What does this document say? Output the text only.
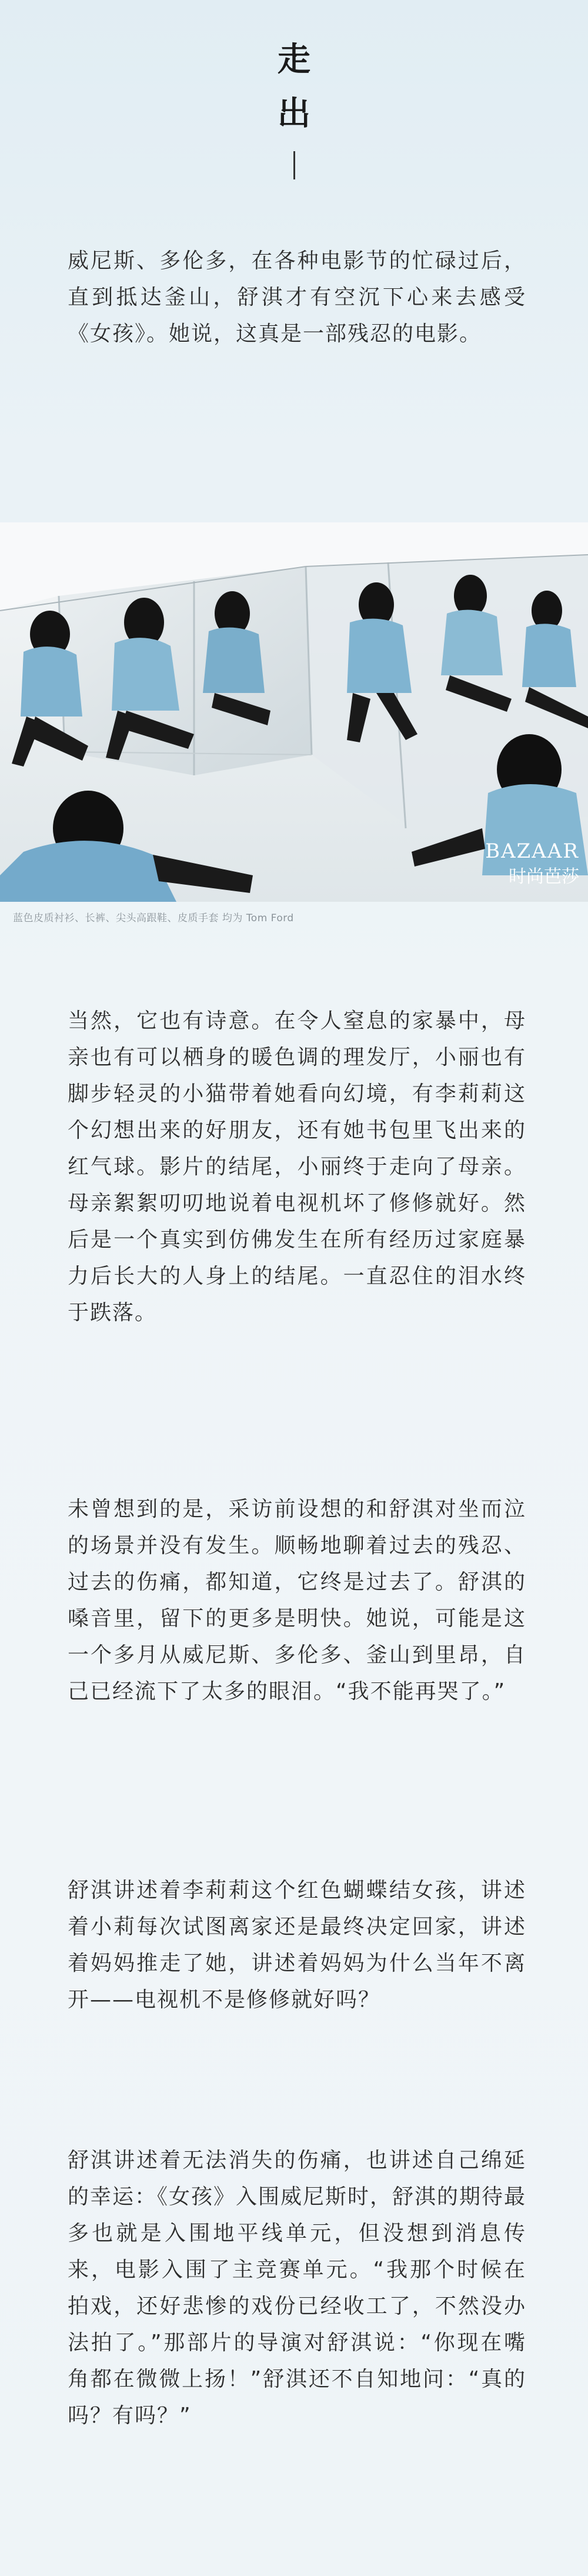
走
出

威尼斯、多伦多，在各种电影节的忙碌过后，直到抵达釜山，舒淇才有空沉下心来去感受《女孩》。她说，这真是一部残忍的电影。

BAZAAR
时尚芭莎
蓝色皮质衬衫、长裤、尖头高跟鞋、皮质手套 均为 Tom Ford

当然，它也有诗意。在令人窒息的家暴中，母亲也有可以栖身的暖色调的理发厅，小丽也有脚步轻灵的小猫带着她看向幻境，有李莉莉这个幻想出来的好朋友，还有她书包里飞出来的红气球。影片的结尾，小丽终于走向了母亲。母亲絮絮叨叨地说着电视机坏了修修就好。然后是一个真实到仿佛发生在所有经历过家庭暴力后长大的人身上的结尾。一直忍住的泪水终于跌落。

未曾想到的是，采访前设想的和舒淇对坐而泣的场景并没有发生。顺畅地聊着过去的残忍、过去的伤痛，都知道，它终是过去了。舒淇的嗓音里，留下的更多是明快。她说，可能是这一个多月从威尼斯、多伦多、釜山到里昂，自己已经流下了太多的眼泪。“我不能再哭了。”

舒淇讲述着李莉莉这个红色蝴蝶结女孩，讲述着小莉每次试图离家还是最终决定回家，讲述着妈妈推走了她，讲述着妈妈为什么当年不离开——电视机不是修修就好吗？

舒淇讲述着无法消失的伤痛，也讲述自己绵延的幸运：《女孩》入围威尼斯时，舒淇的期待最多也就是入围地平线单元，但没想到消息传来，电影入围了主竞赛单元。“我那个时候在拍戏，还好悲惨的戏份已经收工了，不然没办法拍了。”那部片的导演对舒淇说：“你现在嘴角都在微微上扬！”舒淇还不自知地问：“真的吗？有吗？”
